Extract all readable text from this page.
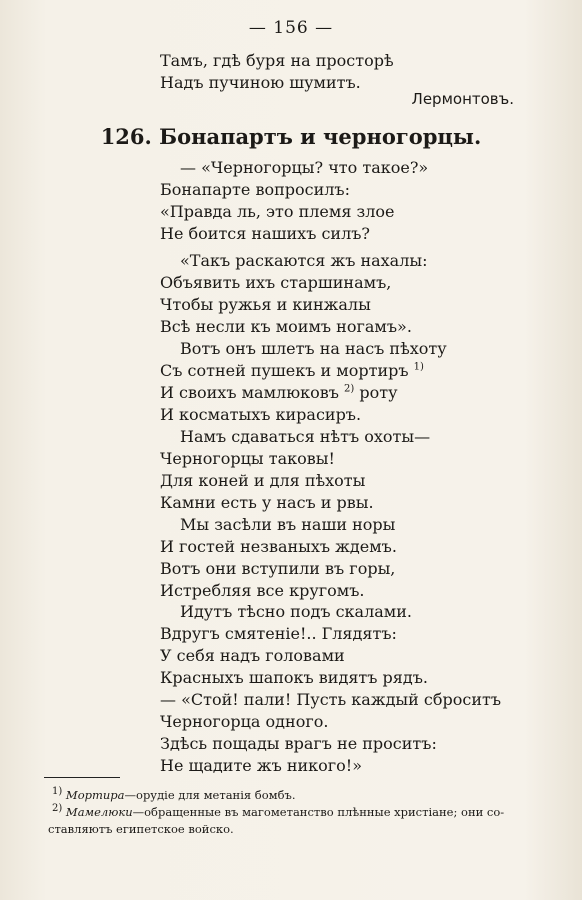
— 156 —
Тамъ, гдѣ буря на просторѣ
Надъ пучиною шумитъ.
Лермонтовъ.
126. Бонапартъ и черногорцы.
— «Черногорцы? что такое?»
Бонапарте вопросилъ:
«Правда ль, это племя злое
Не боится нашихъ силъ?
«Такъ раскаются жъ нахалы:
Объявить ихъ старшинамъ,
Чтобы ружья и кинжалы
Всѣ несли къ моимъ ногамъ».
Вотъ онъ шлетъ на насъ пѣхоту
Съ сотней пушекъ и мортиръ $^{1)}$
И своихъ мамлюковъ $^{2)}$ роту
И косматыхъ кирасиръ.
Намъ сдаваться нѣтъ охоты—
Черногорцы таковы!
Для коней и для пѣхоты
Камни есть у насъ и рвы.
Мы засѣли въ наши норы
И гостей незваныхъ ждемъ.
Вотъ они вступили въ горы,
Истребляя все кругомъ.
Идутъ тѣсно подъ скалами.
Вдругъ смятеніе!.. Глядятъ:
У себя надъ головами
Красныхъ шапокъ видятъ рядъ.
— «Стой! пали! Пусть каждый сброситъ
Черногорца одного.
Здѣсь пощады врагъ не проситъ:
Не щадите жъ никого!»
$^{1)}$ Мортира—орудіе для метанія бомбъ.
$^{2)}$ Мамелюки—обращенные въ магометанство плѣнные христіане; они со-
ставляютъ египетское войско.
